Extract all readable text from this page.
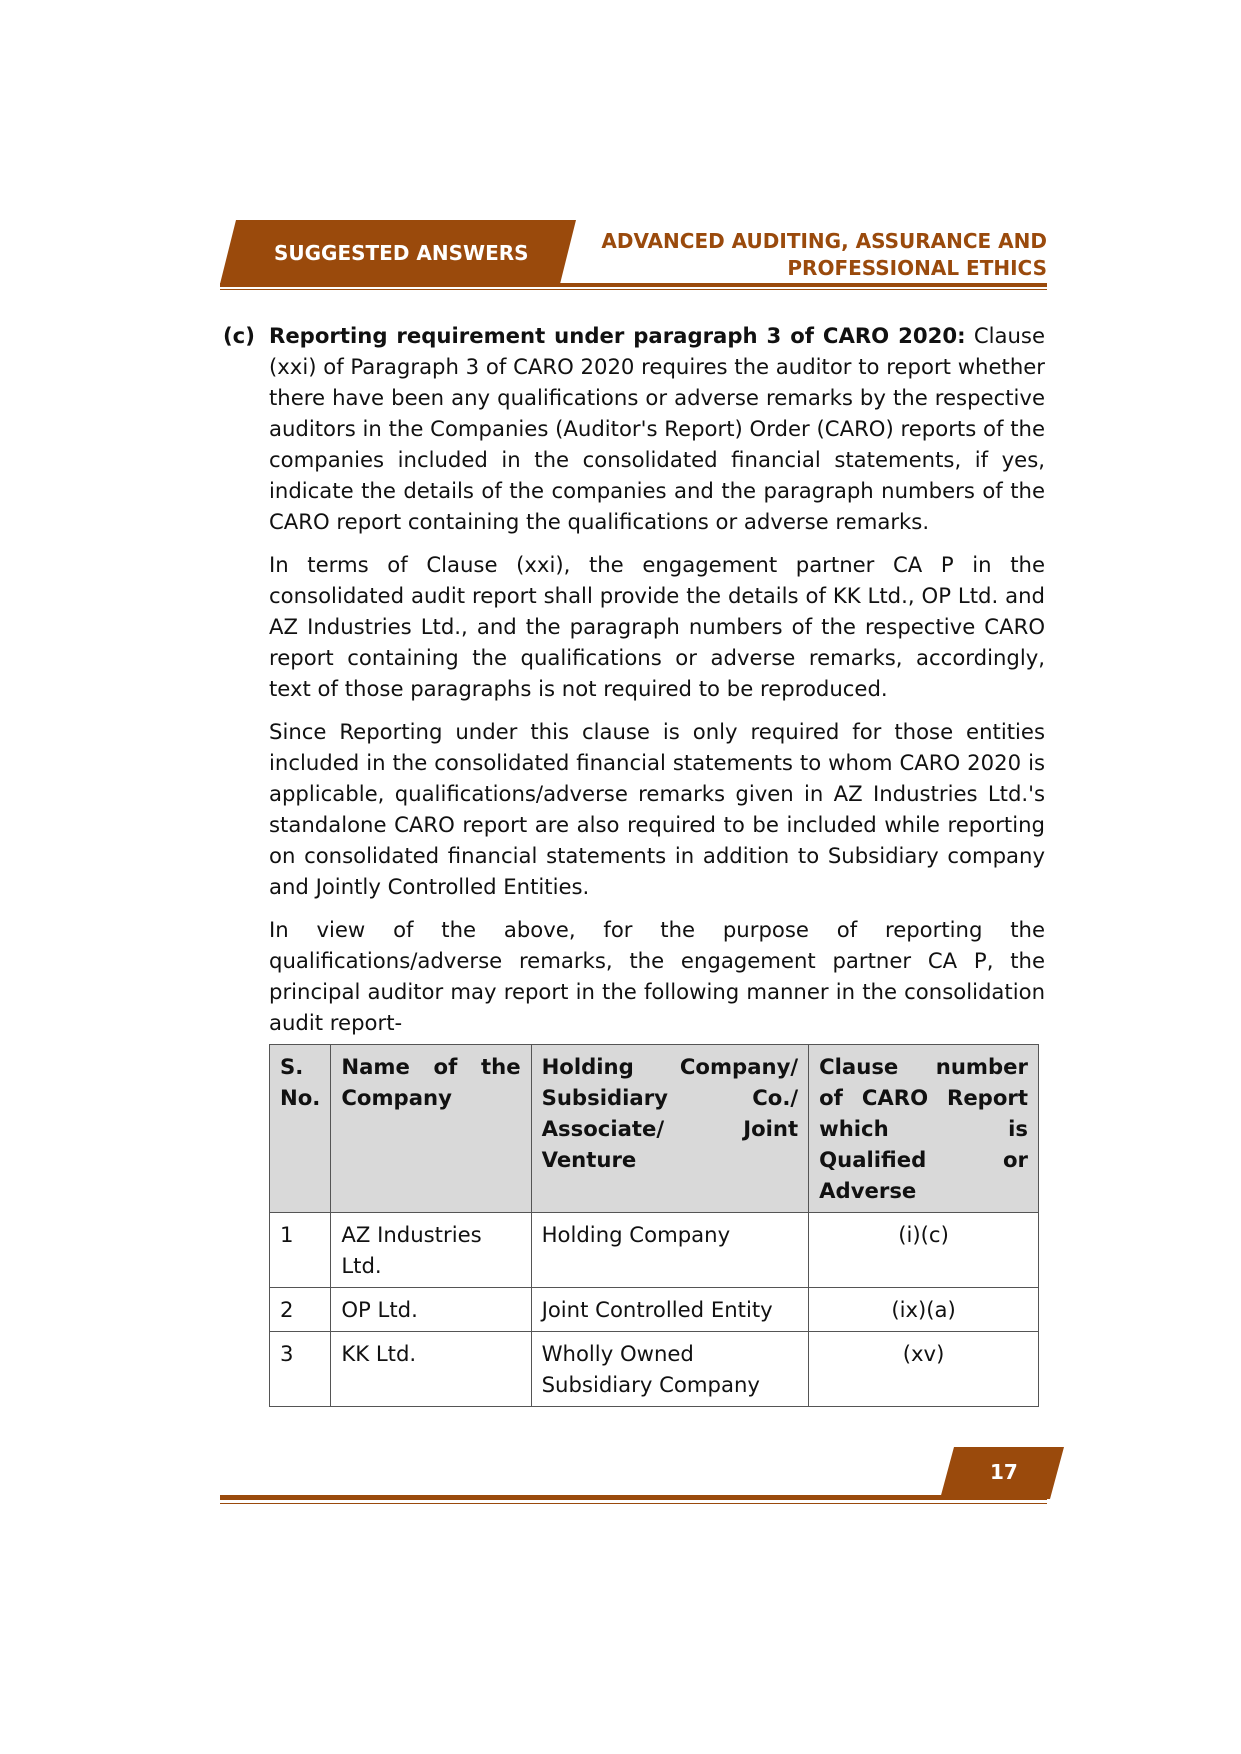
SUGGESTED ANSWERS	ADVANCED AUDITING, ASSURANCE AND
PROFESSIONAL ETHICS
(c) Reporting requirement under paragraph 3 of CARO 2020: Clause (xxi) of Paragraph 3 of CARO 2020 requires the auditor to report whether there have been any qualifications or adverse remarks by the respective auditors in the Companies (Auditor's Report) Order (CARO) reports of the companies included in the consolidated financial statements, if yes, indicate the details of the companies and the paragraph numbers of the CARO report containing the qualifications or adverse remarks.
In terms of Clause (xxi), the engagement partner CA P in the consolidated audit report shall provide the details of KK Ltd., OP Ltd. and AZ Industries Ltd., and the paragraph numbers of the respective CARO report containing the qualifications or adverse remarks, accordingly, text of those paragraphs is not required to be reproduced.
Since Reporting under this clause is only required for those entities included in the consolidated financial statements to whom CARO 2020 is applicable, qualifications/adverse remarks given in AZ Industries Ltd.'s standalone CARO report are also required to be included while reporting on consolidated financial statements in addition to Subsidiary company and Jointly Controlled Entities.
In view of the above, for the purpose of reporting the qualifications/adverse remarks, the engagement partner CA P, the principal auditor may report in the following manner in the consolidation audit report-
S. No.	Name of the Company	Holding Company/ Subsidiary Co./ Associate/ Joint Venture	Clause number of CARO Report which is Qualified or Adverse
1	AZ Industries Ltd.	Holding Company	(i)(c)
2	OP Ltd.	Joint Controlled Entity	(ix)(a)
3	KK Ltd.	Wholly Owned Subsidiary Company	(xv)
17
